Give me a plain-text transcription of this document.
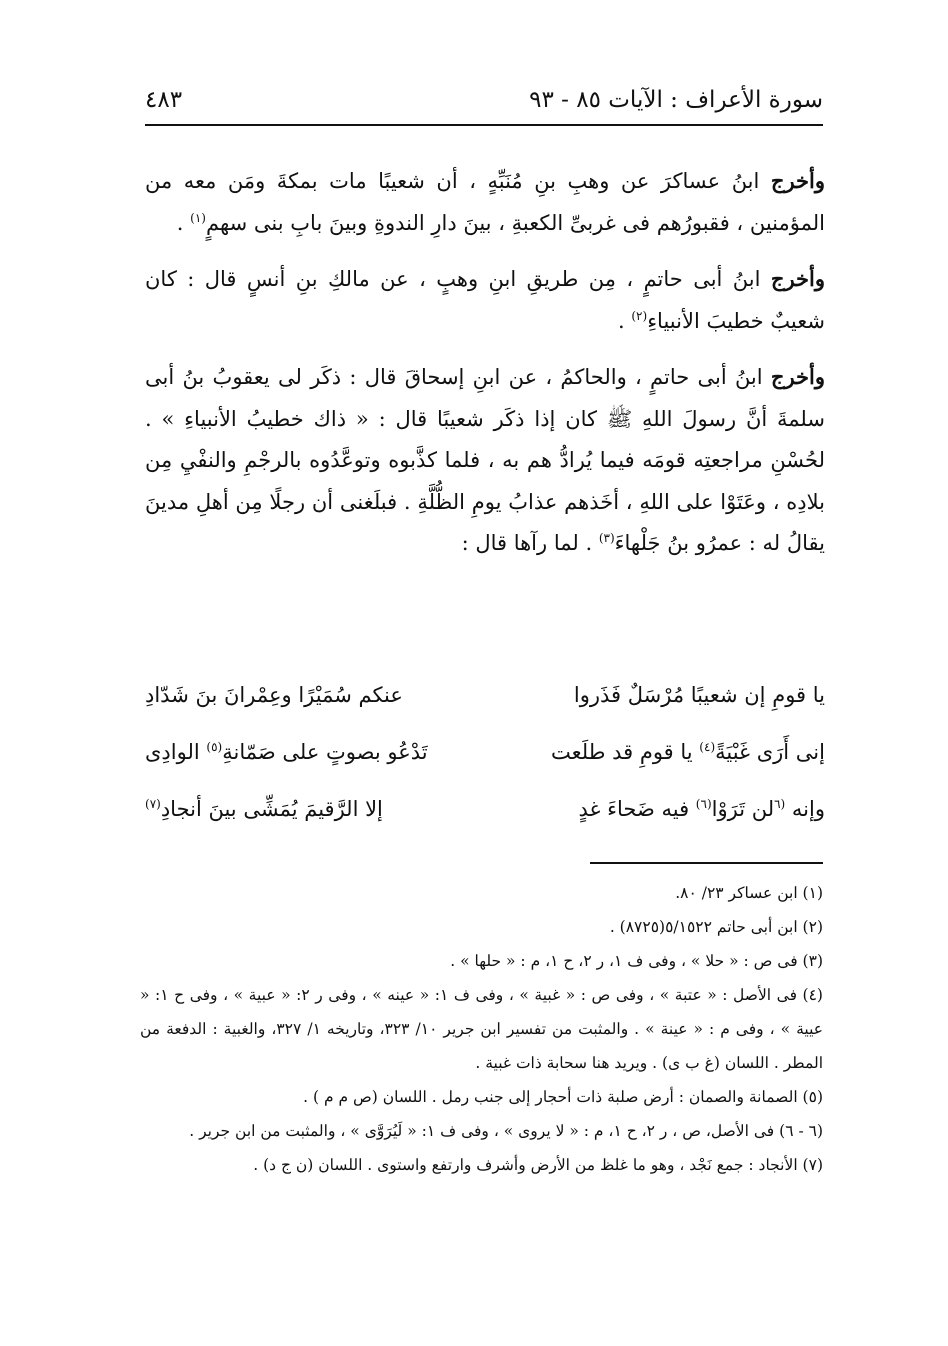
سورة الأعراف : الآيات ٨٥ - ٩٣
٤٨٣

وأخرج ابنُ عساكرَ عن وهبِ بنِ مُنَبِّهٍ ، أن شعيبًا مات بمكةَ ومَن معه من المؤمنين ، فقبورُهم فى غربىِّ الكعبةِ ، بينَ دارِ الندوةِ وبينَ بابِ بنى سهمٍ$^{(١)}$ .

وأخرج ابنُ أبى حاتمٍ ، مِن طريقِ ابنِ وهبٍ ، عن مالكِ بنِ أنسٍ قال : كان شعيبٌ خطيبَ الأنبياءِ$^{(٢)}$ .

وأخرج ابنُ أبى حاتمٍ ، والحاكمُ ، عن ابنِ إسحاقَ قال : ذكَر لى يعقوبُ بنُ أبى سلمةَ أنَّ رسولَ اللهِ ﷺ كان إذا ذكَر شعيبًا قال : « ذاك خطيبُ الأنبياءِ » . لحُسْنِ مراجعتِه قومَه فيما يُرادُّ هم به ، فلما كذَّبوه وتوعَّدُوه بالرجْمِ والنفْيِ مِن بلادِه ، وعَتَوْا على اللهِ ، أخَذهم عذابُ يومِ الظُّلَّةِ . فبلَغنى أن رجلًا مِن أهلِ مدينَ يقالُ له : عمرُو بنُ جَلْهاءَ$^{(٣)}$ . لما رآها قال :

يا قومِ إن شعيبًا مُرْسَلٌ فَذَروا
عنكم سُمَيْرًا وعِمْرانَ بنَ شَدّادِ
إنى أَرَى غَبْيَةً$^{(٤)}$ يا قومِ قد طلَعت
تَدْعُو بصوتٍ على صَمّانةِ$^{(٥)}$ الوادِى
وإنه $^{(٦}$لن تَرَوْا$^{(٦)}$ فيه ضَحاءَ غدٍ
إلا الرَّقيمَ يُمَشِّى بينَ أنجادِ$^{(٧)}$
(١) ابن عساكر ٢٣/ ٨٠.
(٢) ابن أبى حاتم ٥/١٥٢٢(٨٧٢٥) .
(٣) فى ص : « حلا » ، وفى ف ١، ر ٢، ح ١، م : « حلها » .
(٤) فى الأصل : « عتبة » ، وفى ص : « غبية » ، وفى ف ١: « عينه » ، وفى ر ٢: « عبية » ، وفى ح ١: « عيية » ، وفى م : « عينة » . والمثبت من تفسير ابن جرير ١٠/ ٣٢٣، وتاريخه ١/ ٣٢٧، والغبية : الدفعة من المطر . اللسان (غ ب ى) . ويريد هنا سحابة ذات غبية .
(٥) الصمانة والصمان : أرض صلبة ذات أحجار إلى جنب رمل . اللسان (ص م م ) .
(٦ - ٦) فى الأصل، ص ، ر ٢، ح ١، م : « لا يروى » ، وفى ف ١: « لَيُرَوَّى » ، والمثبت من ابن جرير .
(٧) الأنجاد : جمع نَجْد ، وهو ما غلظ من الأرض وأشرف وارتفع واستوى . اللسان (ن ج د) .
